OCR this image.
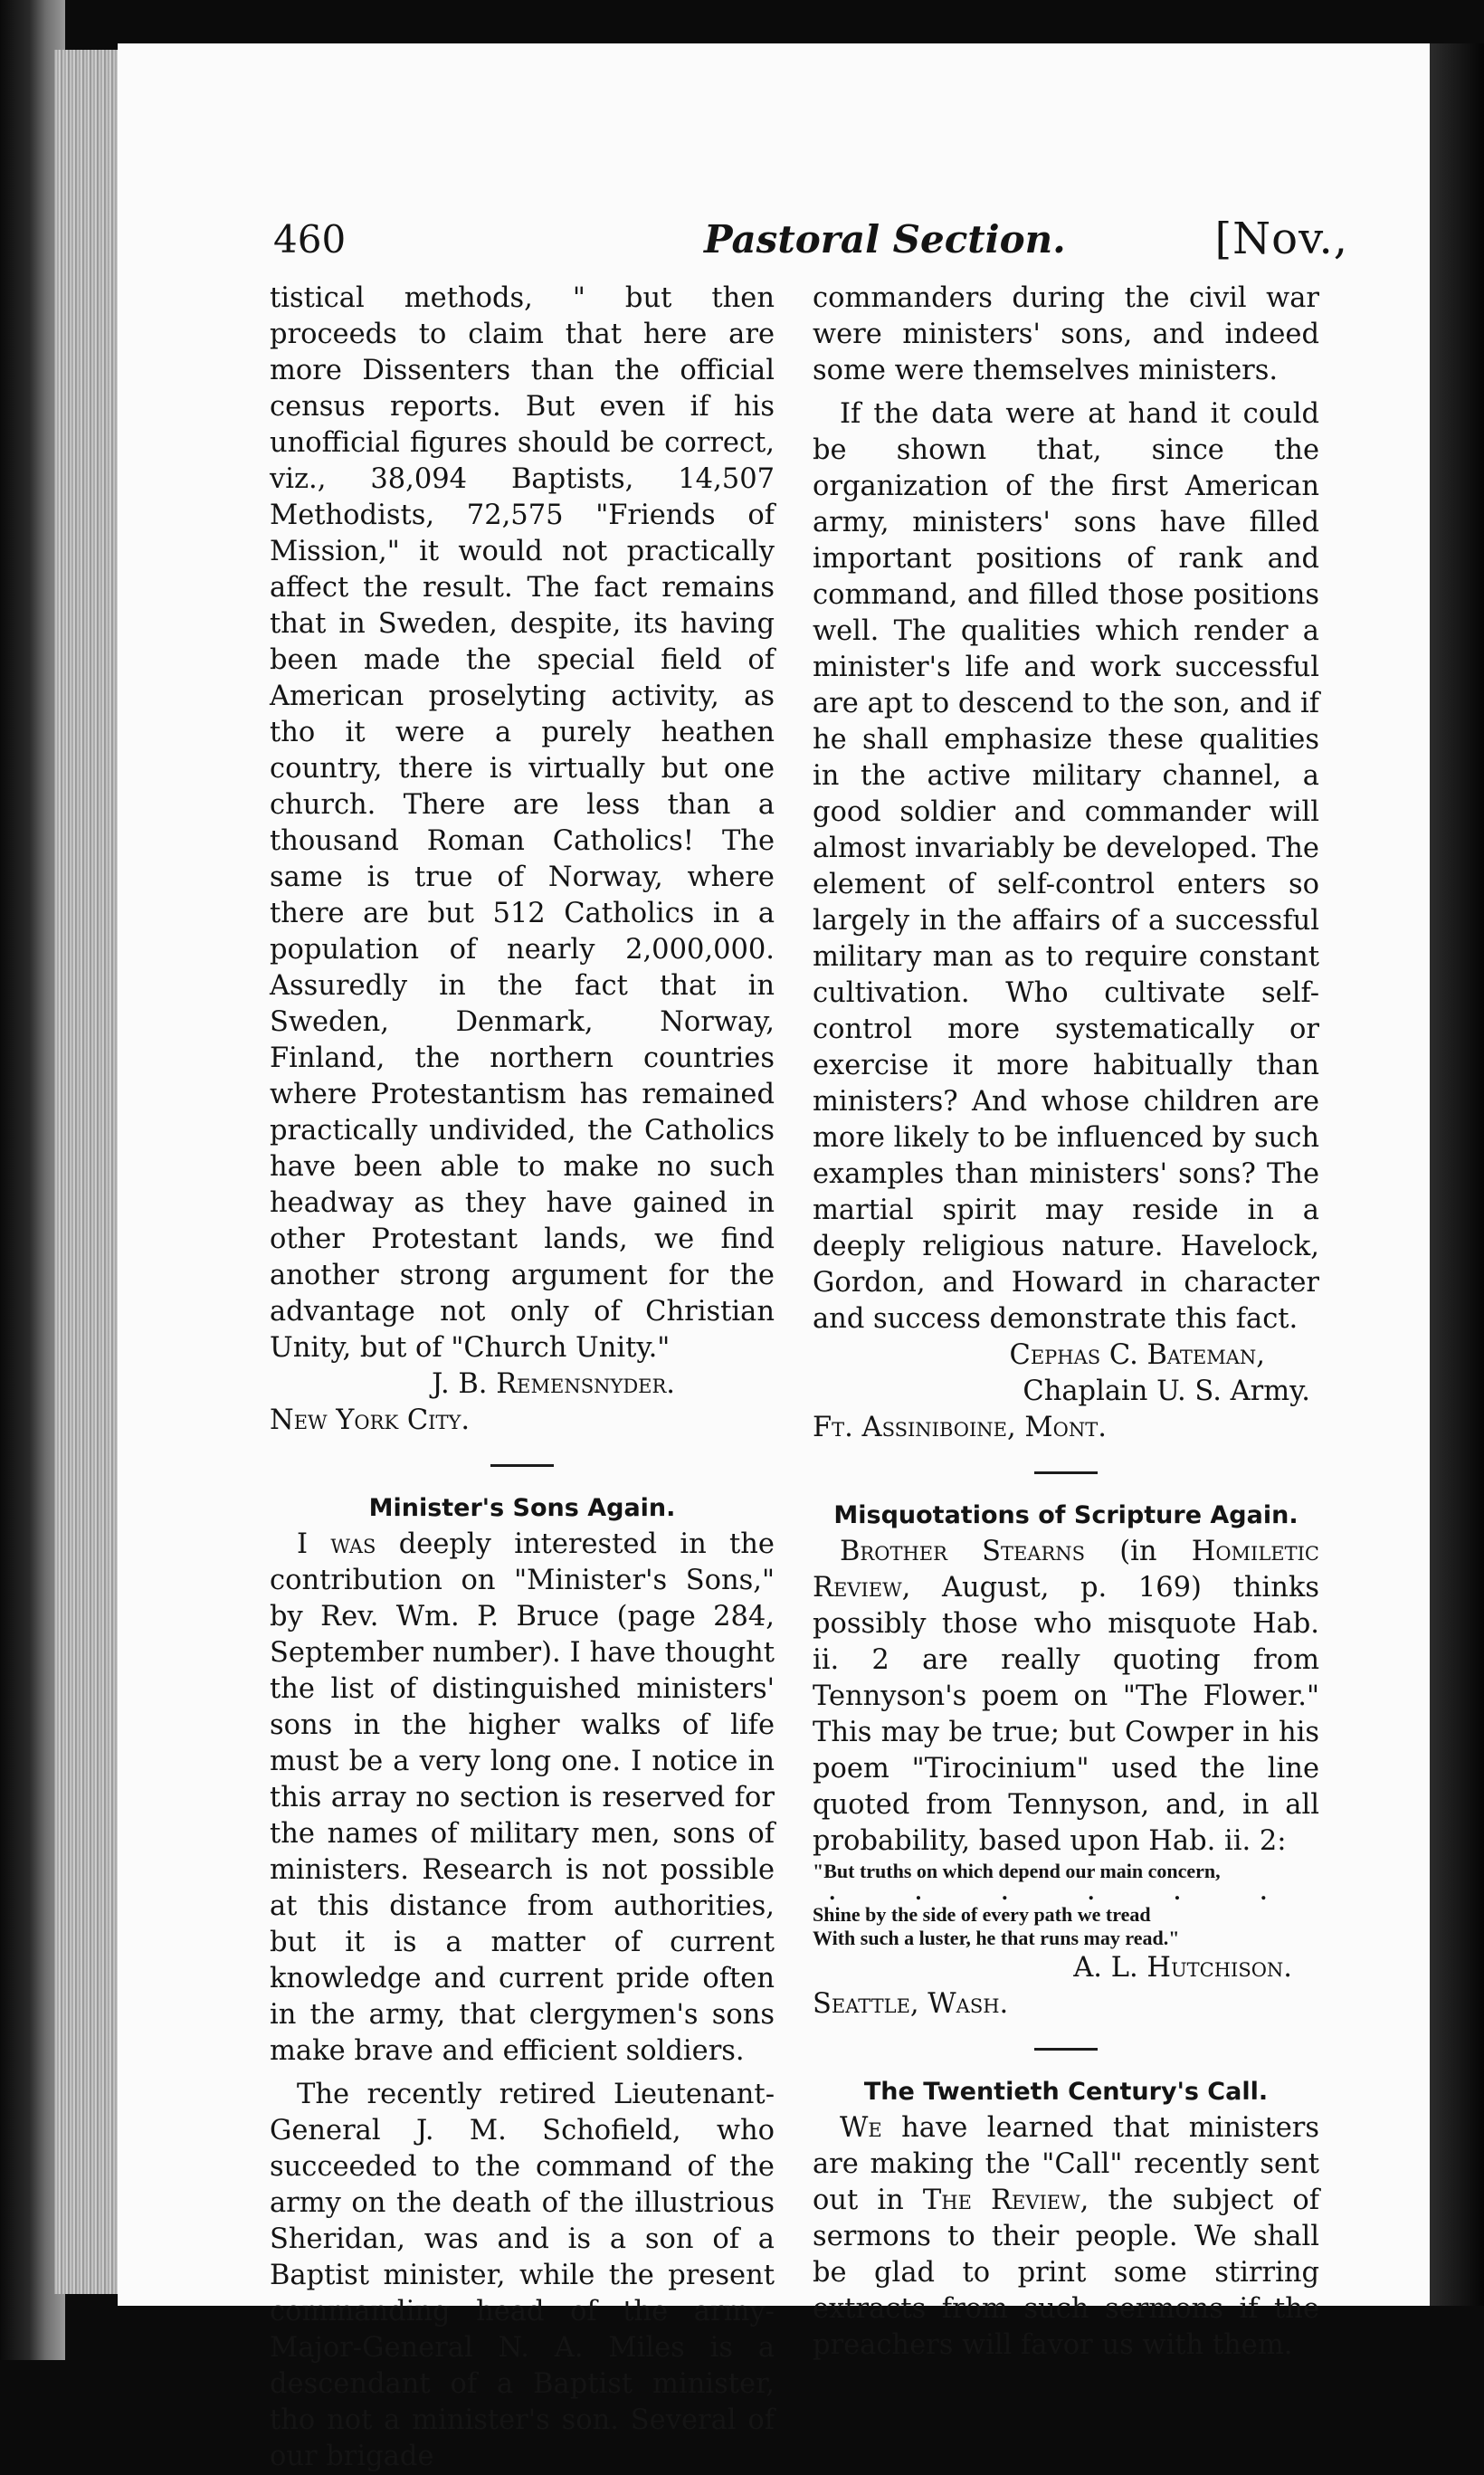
460	Pastoral Section.	[Nov.,

tistical methods, " but then proceeds to claim that here are more Dissenters than the official census reports. But even if his unofficial figures should be correct, viz., 38,094 Baptists, 14,507 Methodists, 72,575 "Friends of Mission," it would not practically affect the result. The fact remains that in Sweden, despite, its having been made the special field of American proselyting activity, as tho it were a purely heathen country, there is virtually but one church. There are less than a thousand Roman Catholics! The same is true of Norway, where there are but 512 Catholics in a population of nearly 2,000,000. Assuredly in the fact that in Sweden, Denmark, Norway, Finland, the northern countries where Protestantism has remained practically undivided, the Catholics have been able to make no such headway as they have gained in other Protestant lands, we find another strong argument for the advantage not only of Christian Unity, but of "Church Unity."

J. B. Remensnyder.

New York City.

Minister's Sons Again.

I was deeply interested in the contribution on "Minister's Sons," by Rev. Wm. P. Bruce (page 284, September number). I have thought the list of distinguished ministers' sons in the higher walks of life must be a very long one. I notice in this array no section is reserved for the names of military men, sons of ministers. Research is not possible at this distance from authorities, but it is a matter of current knowledge and current pride often in the army, that clergymen's sons make brave and efficient soldiers.

The recently retired Lieutenant-General J. M. Schofield, who succeeded to the command of the army on the death of the illustrious Sheridan, was and is a son of a Baptist minister, while the present commanding head of the army-Major-General N. A. Miles is a descendant of a Baptist minister, tho not a minister's son. Several of our brigade

commanders during the civil war were ministers' sons, and indeed some were themselves ministers.

If the data were at hand it could be shown that, since the organization of the first American army, ministers' sons have filled important positions of rank and command, and filled those positions well. The qualities which render a minister's life and work successful are apt to descend to the son, and if he shall emphasize these qualities in the active military channel, a good soldier and commander will almost invariably be developed. The element of self-control enters so largely in the affairs of a successful military man as to require constant cultivation. Who cultivate self-control more systematically or exercise it more habitually than ministers? And whose children are more likely to be influenced by such examples than ministers' sons? The martial spirit may reside in a deeply religious nature. Havelock, Gordon, and Howard in character and success demonstrate this fact.

Cephas C. Bateman,

Chaplain U. S. Army.

Ft. Assiniboine, Mont.

Misquotations of Scripture Again.

Brother Stearns (in Homiletic Review, August, p. 169) thinks possibly those who misquote Hab. ii. 2 are really quoting from Tennyson's poem on "The Flower." This may be true; but Cowper in his poem "Tirocinium" used the line quoted from Tennyson, and, in all probability, based upon Hab. ii. 2:

"But truths on which depend our main concern,

. . . . . .

Shine by the side of every path we tread

With such a luster, he that runs may read."

A. L. Hutchison.

Seattle, Wash.

The Twentieth Century's Call.

We have learned that ministers are making the "Call" recently sent out in The Review, the subject of sermons to their people. We shall be glad to print some stirring extracts from such sermons if the preachers will favor us with them.
